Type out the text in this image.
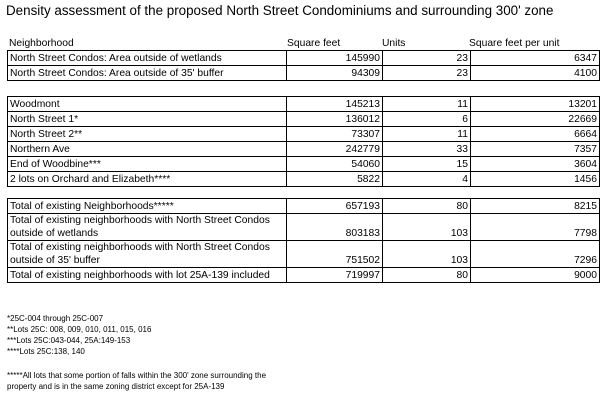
Density assessment of the proposed North Street Condominiums and surrounding 300' zone
Neighborhood	Square feet	Units	Square feet per unit
North Street Condos: Area outside of wetlands	145990	23	6347
North Street Condos: Area outside of 35' buffer	94309	23	4100
Woodmont	145213	11	13201
North Street 1*	136012	6	22669
North Street 2**	73307	11	6664
Northern Ave	242779	33	7357
End of Woodbine***	54060	15	3604
2 lots on Orchard and Elizabeth****	5822	4	1456
Total of existing Neighborhoods*****	657193	80	8215
Total of existing neighborhoods with North Street Condos outside of wetlands	803183	103	7798
Total of existing neighborhoods with North Street Condos outside of 35' buffer	751502	103	7296
Total of existing neighborhoods with lot 25A-139 included	719997	80	9000
*25C-004 through 25C-007
**Lots 25C: 008, 009, 010, 011, 015, 016
***Lots 25C:043-044, 25A:149-153
****Lots 25C:138, 140
*****All lots that some portion of falls within the 300' zone surrounding the property and is in the same zoning district except for 25A-139
